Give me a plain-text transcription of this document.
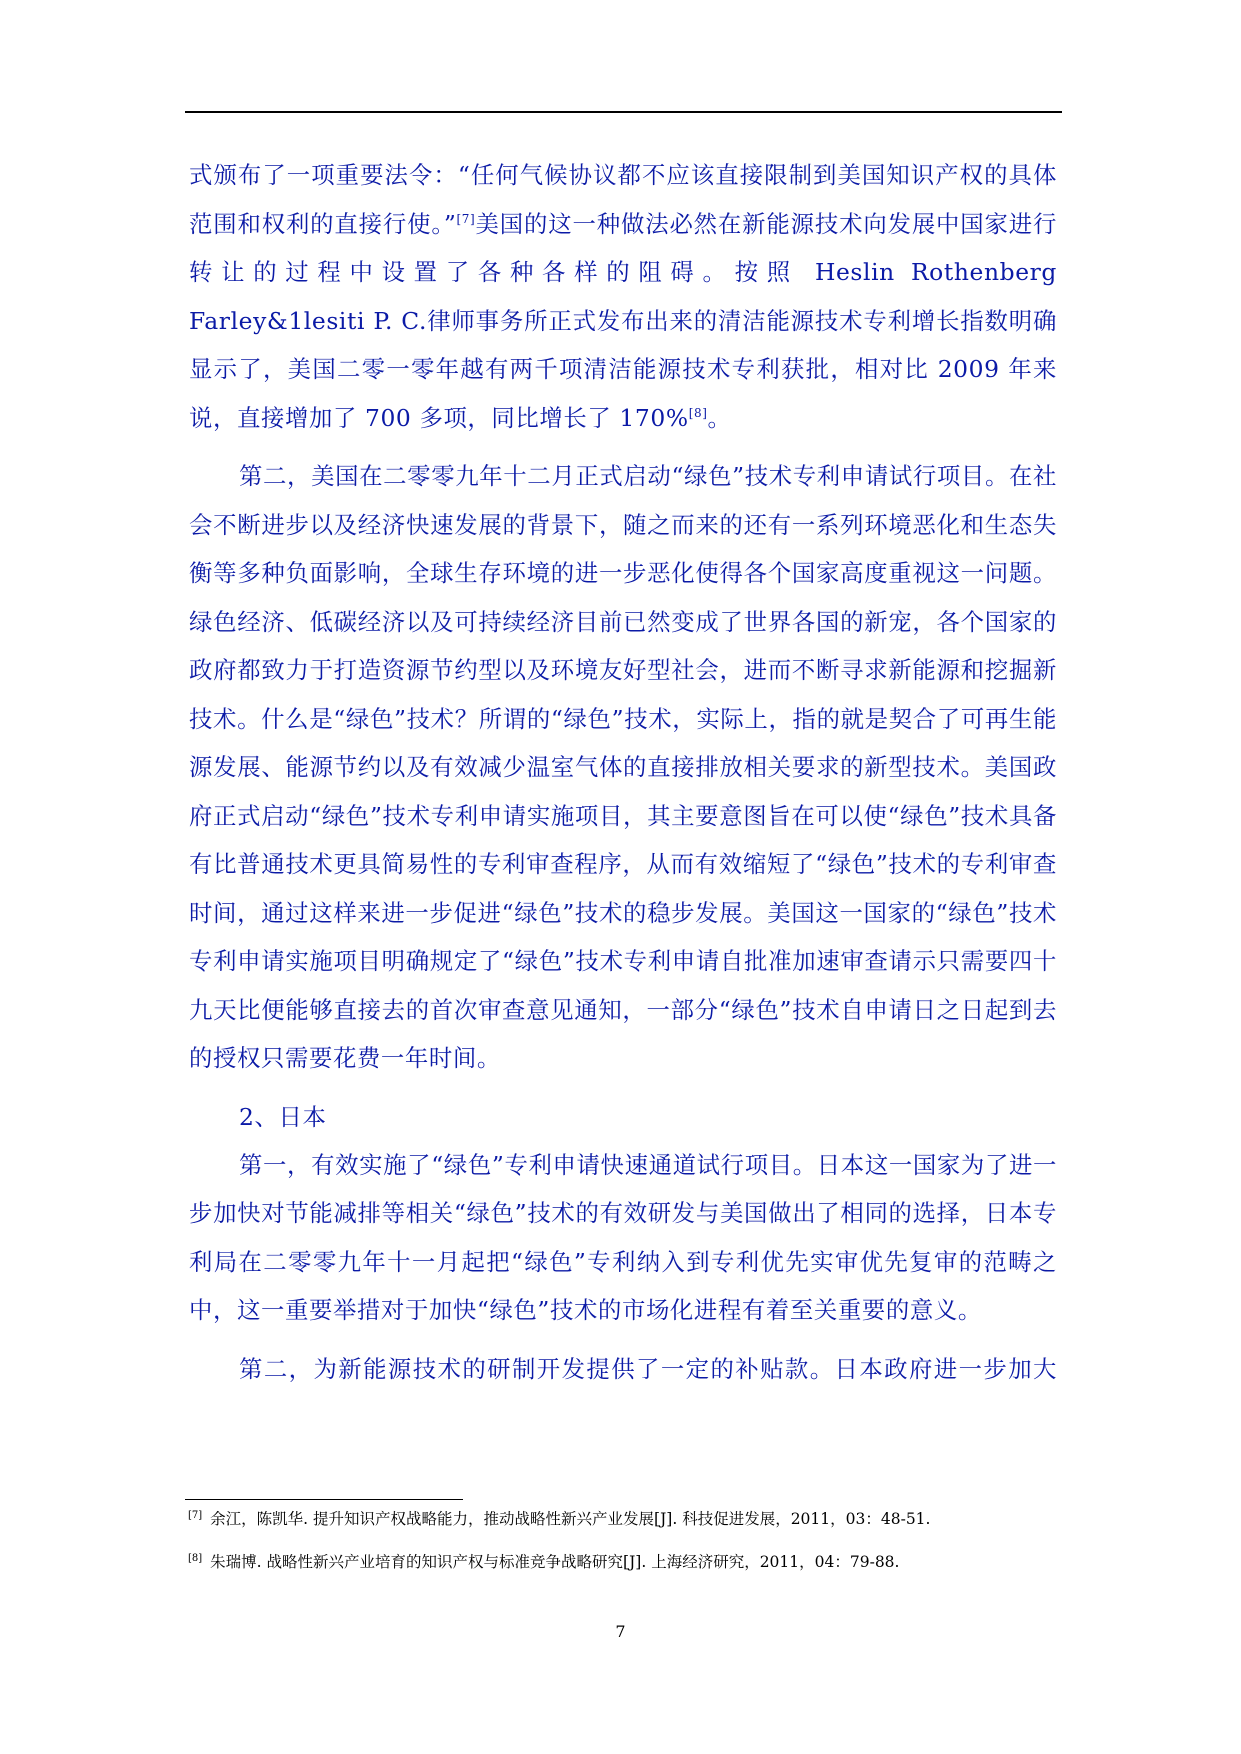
式颁布了一项重要法令：“任何气候协议都不应该直接限制到美国知识产权的具体范围和权利的直接行使。”[7]美国的这一种做法必然在新能源技术向发展中国家进行转让的过程中设置了各种各样的阻碍。按照 Heslin Rothenberg Farley&1lesiti P. C.律师事务所正式发布出来的清洁能源技术专利增长指数明确显示了，美国二零一零年越有两千项清洁能源技术专利获批，相对比 2009 年来说，直接增加了 700 多项，同比增长了 170%[8]。

第二，美国在二零零九年十二月正式启动“绿色”技术专利申请试行项目。在社会不断进步以及经济快速发展的背景下，随之而来的还有一系列环境恶化和生态失衡等多种负面影响，全球生存环境的进一步恶化使得各个国家高度重视这一问题。绿色经济、低碳经济以及可持续经济目前已然变成了世界各国的新宠，各个国家的政府都致力于打造资源节约型以及环境友好型社会，进而不断寻求新能源和挖掘新技术。什么是“绿色”技术？所谓的“绿色”技术，实际上，指的就是契合了可再生能源发展、能源节约以及有效减少温室气体的直接排放相关要求的新型技术。美国政府正式启动“绿色”技术专利申请实施项目，其主要意图旨在可以使“绿色”技术具备有比普通技术更具简易性的专利审查程序，从而有效缩短了“绿色”技术的专利审查时间，通过这样来进一步促进“绿色”技术的稳步发展。美国这一国家的“绿色”技术专利申请实施项目明确规定了“绿色”技术专利申请自批准加速审查请示只需要四十九天比便能够直接去的首次审查意见通知，一部分“绿色”技术自申请日之日起到去的授权只需要花费一年时间。

2、日本

第一，有效实施了“绿色”专利申请快速通道试行项目。日本这一国家为了进一步加快对节能减排等相关“绿色”技术的有效研发与美国做出了相同的选择，日本专利局在二零零九年十一月起把“绿色”专利纳入到专利优先实审优先复审的范畴之中，这一重要举措对于加快“绿色”技术的市场化进程有着至关重要的意义。

第二，为新能源技术的研制开发提供了一定的补贴款。日本政府进一步加大

[7] 余江，陈凯华. 提升知识产权战略能力，推动战略性新兴产业发展[J]. 科技促进发展，2011，03：48-51.

[8] 朱瑞博. 战略性新兴产业培育的知识产权与标准竞争战略研究[J]. 上海经济研究，2011，04：79-88.

7
